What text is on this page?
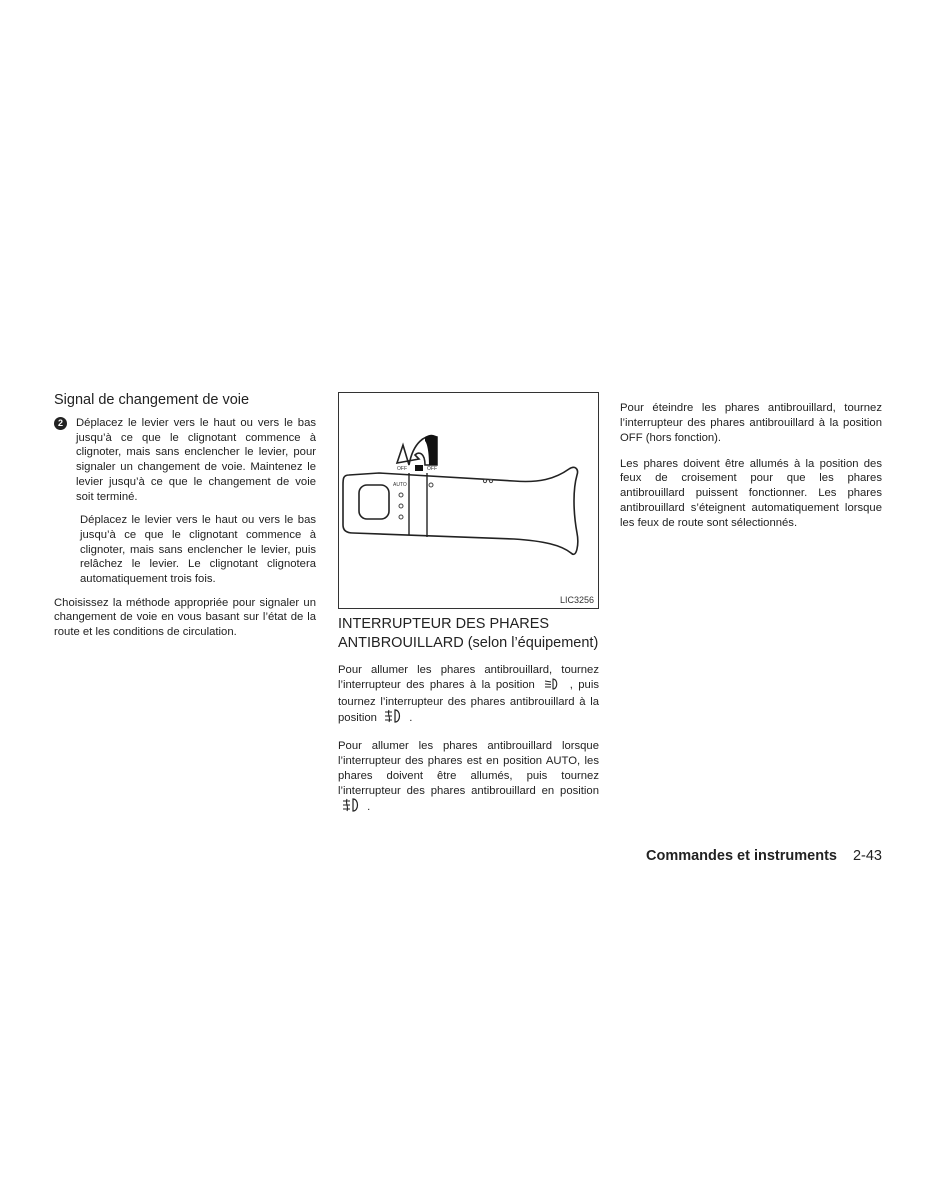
Signal de changement de voie
2	Déplacez le levier vers le haut ou vers le bas jusqu’à ce que le clignotant commence à clignoter, mais sans enclencher le levier, pour signaler un changement de voie. Maintenez le levier jusqu’à ce que le changement de voie soit terminé.

Déplacez le levier vers le haut ou vers le bas jusqu’à ce que le clignotant commence à clignoter, mais sans enclencher le levier, puis relâchez le levier. Le clignotant clignotera automatiquement trois fois.

Choisissez la méthode appropriée pour signaler un changement de voie en vous basant sur l’état de la route et les conditions de circulation.

OFF	OFF
AUTO
LIC3256
INTERRUPTEUR DES PHARES ANTIBROUILLARD (selon l’équipement)

Pour allumer les phares antibrouillard, tournez l’interrupteur des phares à la position	, puis tournez l’interrupteur des phares antibrouillard à la position	.

Pour allumer les phares antibrouillard lorsque l’interrupteur des phares est en position AUTO, les phares doivent être allumés, puis tournez l’interrupteur des phares antibrouillard en position  .

Pour éteindre les phares antibrouillard, tournez l’interrupteur des phares antibrouillard à la position OFF (hors fonction).

Les phares doivent être allumés à la position des feux de croisement pour que les phares antibrouillard puissent fonctionner. Les phares antibrouillard s’éteignent automatiquement lorsque les feux de route sont sélectionnés.

Commandes et instruments 2-43
